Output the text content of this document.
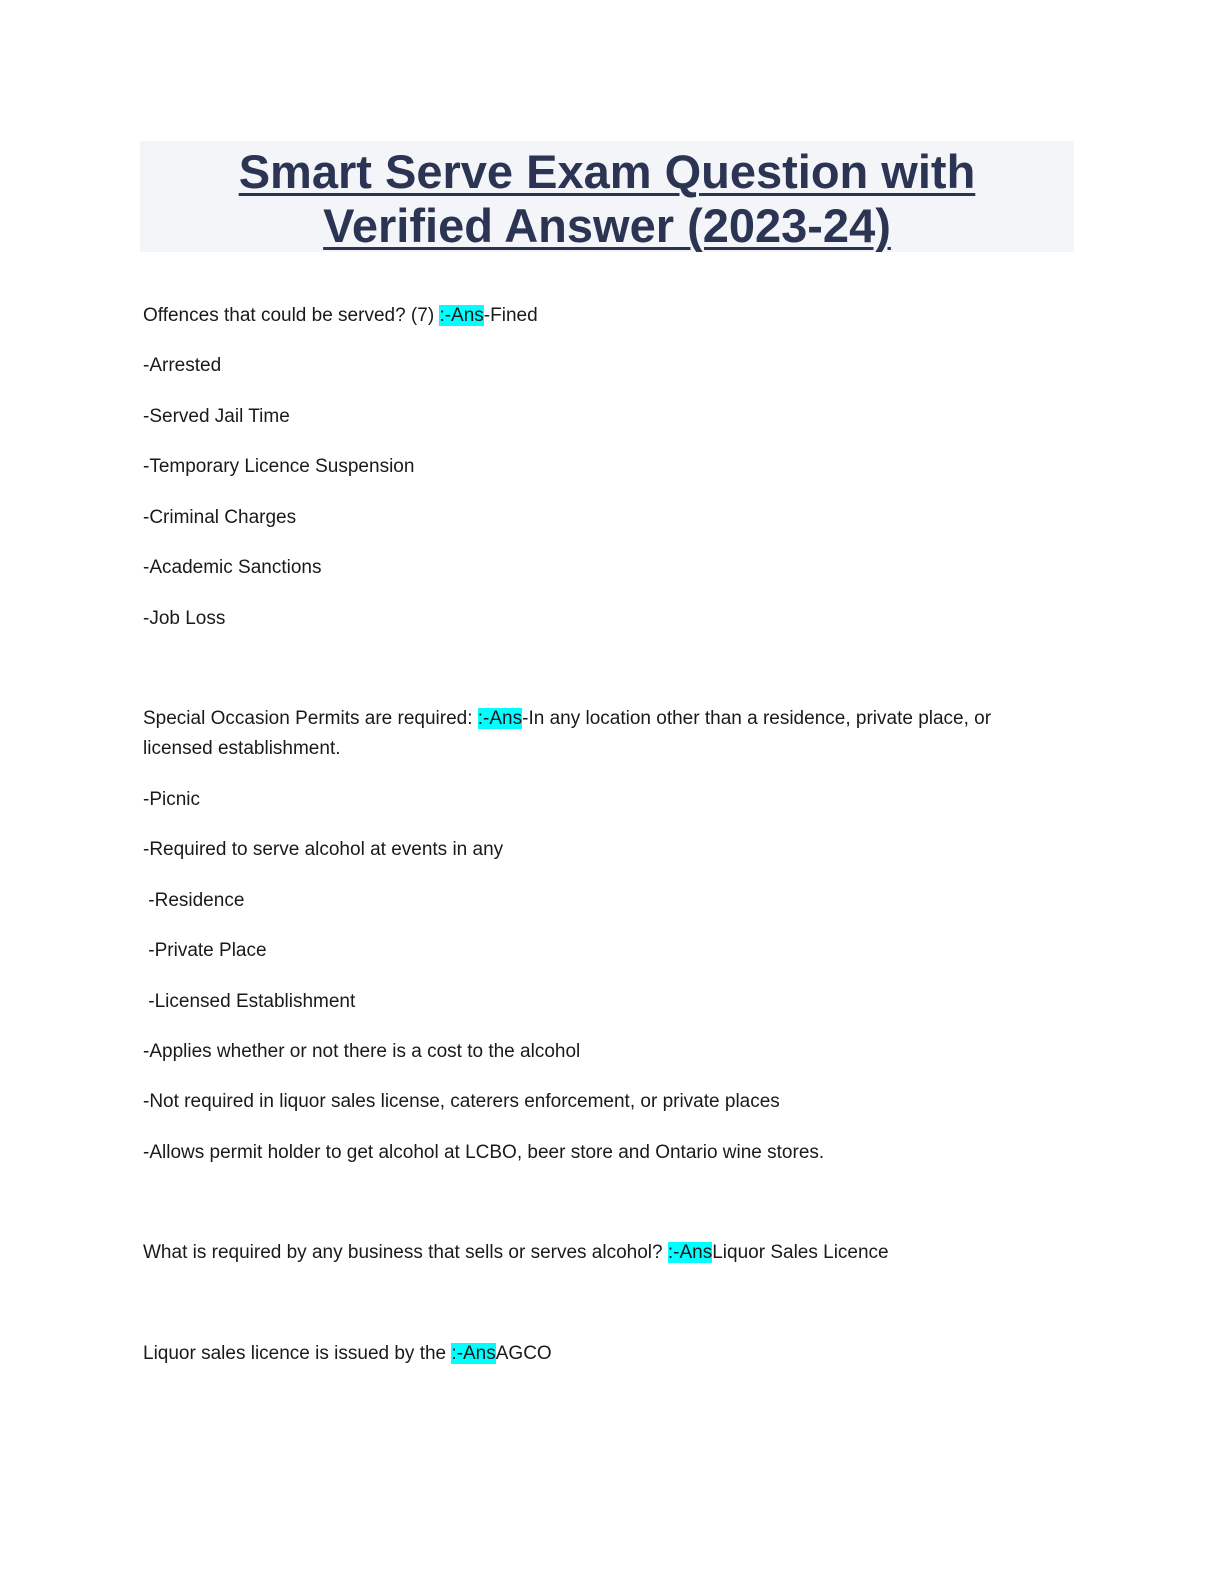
Smart Serve Exam Question with
Verified Answer (2023-24)
Offences that could be served? (7) :-Ans-Fined
-Arrested
-Served Jail Time
-Temporary Licence Suspension
-Criminal Charges
-Academic Sanctions
-Job Loss
Special Occasion Permits are required: :-Ans-In any location other than a residence, private place, or
licensed establishment.
-Picnic
-Required to serve alcohol at events in any
-Residence
-Private Place
-Licensed Establishment
-Applies whether or not there is a cost to the alcohol
-Not required in liquor sales license, caterers enforcement, or private places
-Allows permit holder to get alcohol at LCBO, beer store and Ontario wine stores.
What is required by any business that sells or serves alcohol? :-AnsLiquor Sales Licence
Liquor sales licence is issued by the :-AnsAGCO
